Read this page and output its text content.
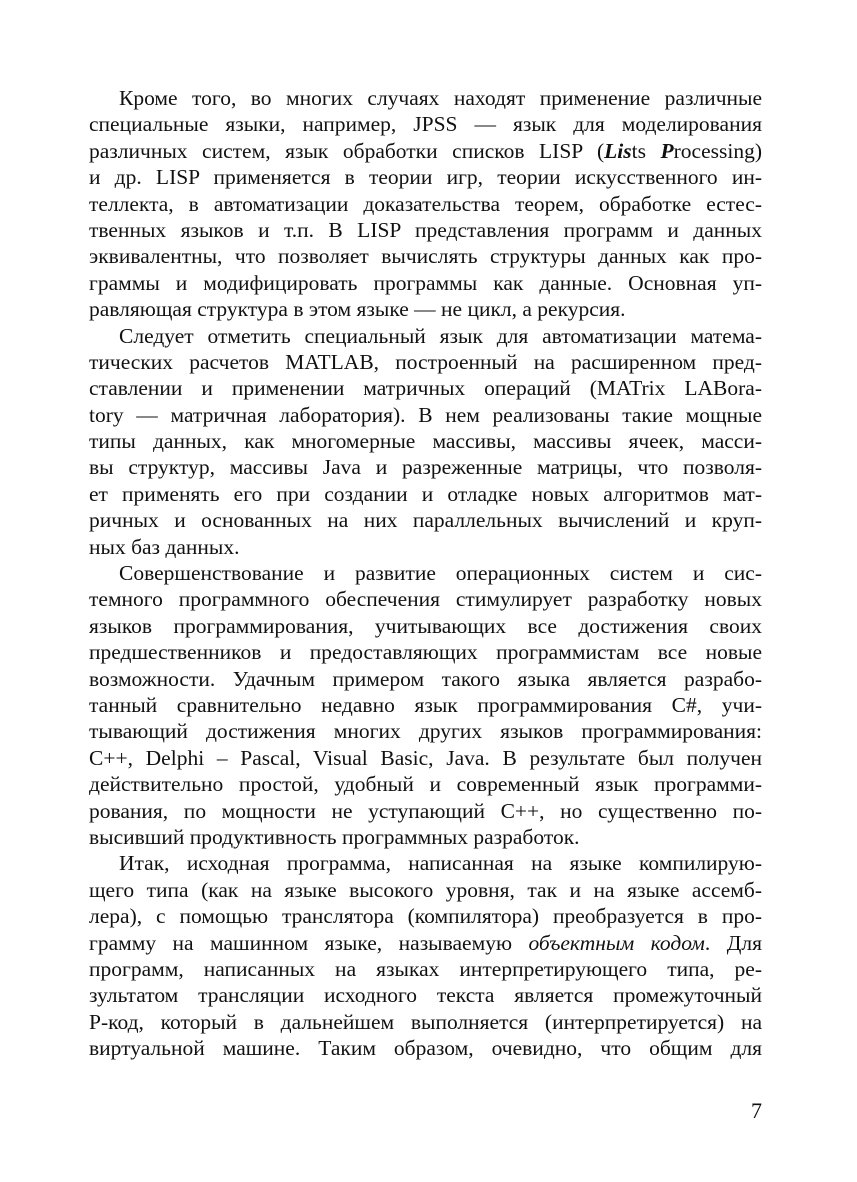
Кроме того, во многих случаях находят применение различные
специальные языки, например, JPSS — язык для моделирования
различных систем, язык обработки списков LISP (Lists Processing)
и др. LISP применяется в теории игр, теории искусственного ин-
теллекта, в автоматизации доказательства теорем, обработке естес-
твенных языков и т.п. В LISP представления программ и данных
эквивалентны, что позволяет вычислять структуры данных как про-
граммы и модифицировать программы как данные. Основная уп-
равляющая структура в этом языке — не цикл, а рекурсия.
Следует отметить специальный язык для автоматизации матема-
тических расчетов MATLAB, построенный на расширенном пред-
ставлении и применении матричных операций (MATrix LABora-
tory — матричная лаборатория). В нем реализованы такие мощные
типы данных, как многомерные массивы, массивы ячеек, масси-
вы структур, массивы Java и разреженные матрицы, что позволя-
ет применять его при создании и отладке новых алгоритмов мат-
ричных и основанных на них параллельных вычислений и круп-
ных баз данных.
Совершенствование и развитие операционных систем и сис-
темного программного обеспечения стимулирует разработку новых
языков программирования, учитывающих все достижения своих
предшественников и предоставляющих программистам все новые
возможности. Удачным примером такого языка является разрабо-
танный сравнительно недавно язык программирования C#, учи-
тывающий достижения многих других языков программирования:
C++, Delphi – Pascal, Visual Basic, Java. В результате был получен
действительно простой, удобный и современный язык программи-
рования, по мощности не уступающий C++, но существенно по-
высивший продуктивность программных разработок.
Итак, исходная программа, написанная на языке компилирую-
щего типа (как на языке высокого уровня, так и на языке ассемб-
лера), с помощью транслятора (компилятора) преобразуется в про-
грамму на машинном языке, называемую объектным кодом. Для
программ, написанных на языках интерпретирующего типа, ре-
зультатом трансляции исходного текста является промежуточный
P-код, который в дальнейшем выполняется (интерпретируется) на
виртуальной машине. Таким образом, очевидно, что общим для
7
